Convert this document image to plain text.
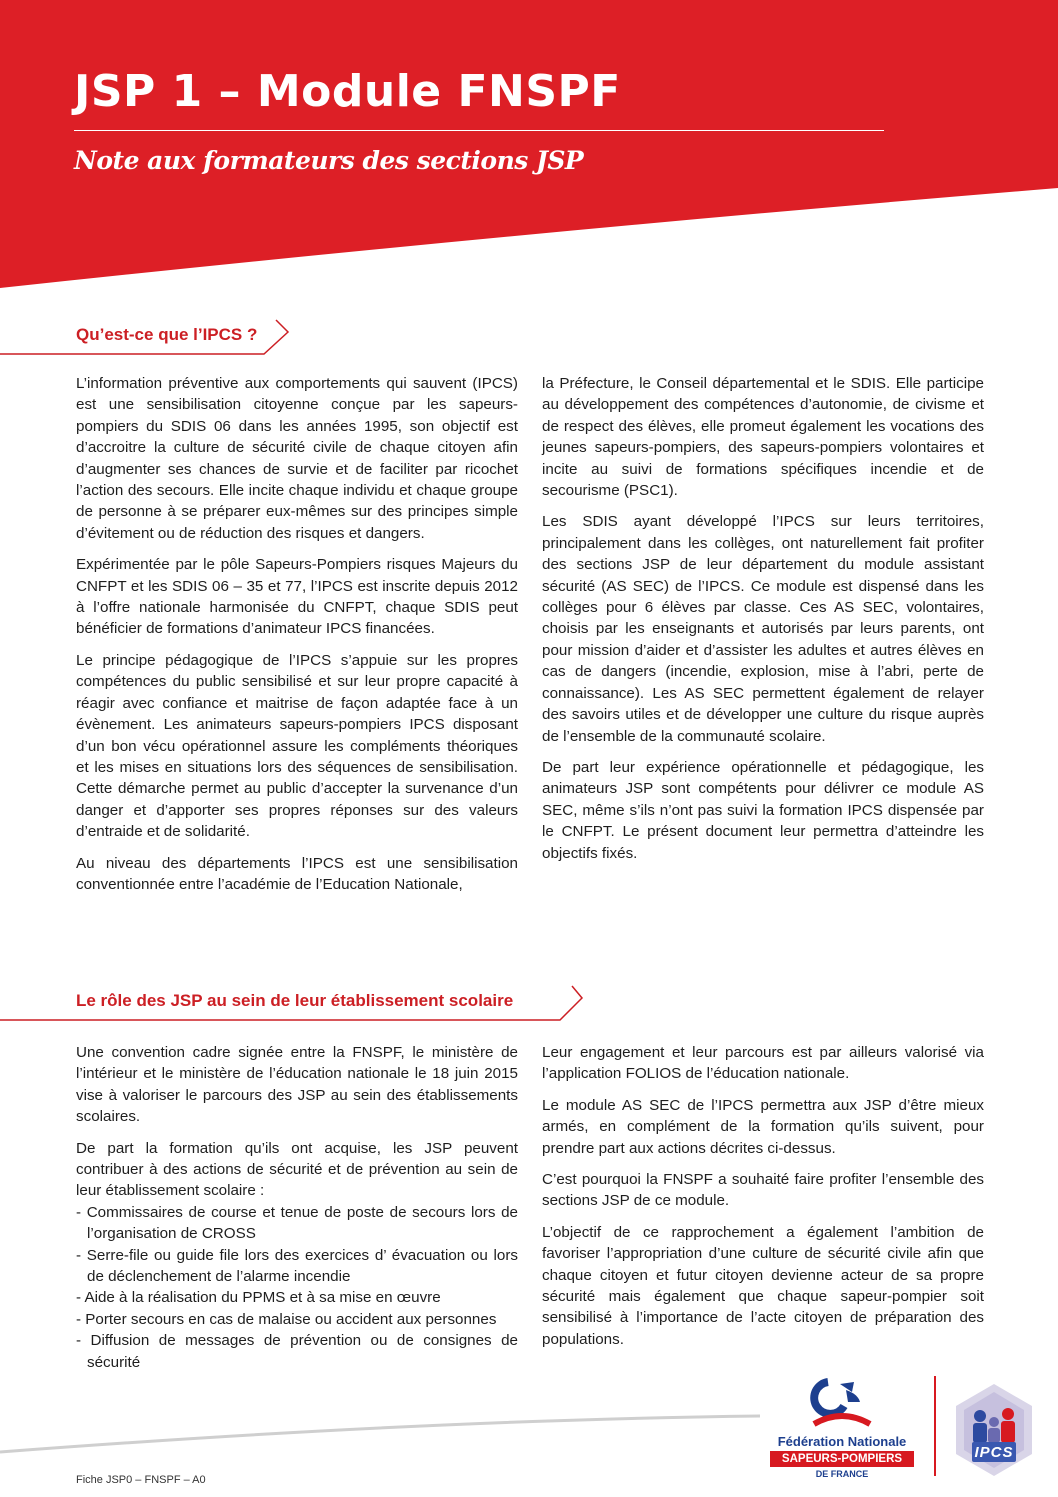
JSP 1 – Module FNSPF
Note aux formateurs des sections JSP
Qu’est-ce que l’IPCS ?

L’information préventive aux comportements qui sauvent (IPCS) est une sensibilisation citoyenne conçue par les sapeurs-pompiers du SDIS 06 dans les années 1995, son objectif est d’accroitre la culture de sécurité civile de chaque citoyen afin d’augmenter ses chances de survie et de faciliter par ricochet l’action des secours. Elle incite chaque individu et chaque groupe de personne à se préparer eux-mêmes sur des principes simple d’évitement ou de réduction des risques et dangers.

Expérimentée par le pôle Sapeurs-Pompiers risques Majeurs du CNFPT et les SDIS 06 – 35 et 77, l’IPCS est inscrite depuis 2012 à l’offre nationale harmonisée du CNFPT, chaque SDIS peut bénéficier de formations d’animateur IPCS financées.

Le principe pédagogique de l’IPCS s’appuie sur les propres compétences du public sensibilisé et sur leur propre capacité à réagir avec confiance et maitrise de façon adaptée face à un évènement. Les animateurs sapeurs-pompiers IPCS disposant d’un bon vécu opérationnel assure les compléments théoriques et les mises en situations lors des séquences de sensibilisation. Cette démarche permet au public d’accepter la survenance d’un danger et d’apporter ses propres réponses sur des valeurs d’entraide et de solidarité.

Au niveau des départements l’IPCS est une sensibilisation conventionnée entre l’académie de l’Education Nationale,

la Préfecture, le Conseil départemental et le SDIS. Elle participe au développement des compétences d’autonomie, de civisme et de respect des élèves, elle promeut également les vocations des jeunes sapeurs-pompiers, des sapeurs-pompiers volontaires et incite au suivi de formations spécifiques incendie et de secourisme (PSC1).

Les SDIS ayant développé l’IPCS sur leurs territoires, principalement dans les collèges, ont naturellement fait profiter des sections JSP de leur département du module assistant sécurité (AS SEC) de l’IPCS. Ce module est dispensé dans les collèges pour 6 élèves par classe. Ces AS SEC, volontaires, choisis par les enseignants et autorisés par leurs parents, ont pour mission d’aider et d’assister les adultes et autres élèves en cas de dangers (incendie, explosion, mise à l’abri, perte de connaissance). Les AS SEC permettent également de relayer des savoirs utiles et de développer une culture du risque auprès de l’ensemble de la communauté scolaire.

De part leur expérience opérationnelle et pédagogique, les animateurs JSP sont compétents pour délivrer ce module AS SEC, même s’ils n’ont pas suivi la formation IPCS dispensée par le CNFPT. Le présent document leur permettra d’atteindre les objectifs fixés.

Le rôle des JSP au sein de leur établissement scolaire

Une convention cadre signée entre la FNSPF, le ministère de l’intérieur et le ministère de l’éducation nationale le 18 juin 2015 vise à valoriser le parcours des JSP au sein des établissements scolaires.

De part la formation qu’ils ont acquise, les JSP peuvent contribuer à des actions de sécurité et de prévention au sein de leur établissement scolaire :

- Commissaires de course et tenue de poste de secours lors de l’organisation de CROSS
- Serre-file ou guide file lors des exercices d’ évacuation ou lors de déclenchement de l’alarme incendie
- Aide à la réalisation du PPMS et à sa mise en œuvre
- Porter secours en cas de malaise ou accident aux personnes
- Diffusion de messages de prévention ou de consignes de sécurité

Leur engagement et leur parcours est par ailleurs valorisé via l’application FOLIOS de l’éducation nationale.

Le module AS SEC de l’IPCS permettra aux JSP d’être mieux armés, en complément de la formation qu’ils suivent, pour prendre part aux actions décrites ci-dessus.

C’est pourquoi la FNSPF a souhaité faire profiter l’ensemble des sections JSP de ce module.

L’objectif de ce rapprochement a également l’ambition de favoriser l’appropriation d’une culture de sécurité civile afin que chaque citoyen et futur citoyen devienne acteur de sa propre sécurité mais également que chaque sapeur-pompier soit sensibilisé à l’importance de l’acte citoyen de préparation des populations.

Fiche JSP0 – FNSPF – A0
Fédération Nationale
SAPEURS-POMPIERS
DE FRANCE
IPCS
